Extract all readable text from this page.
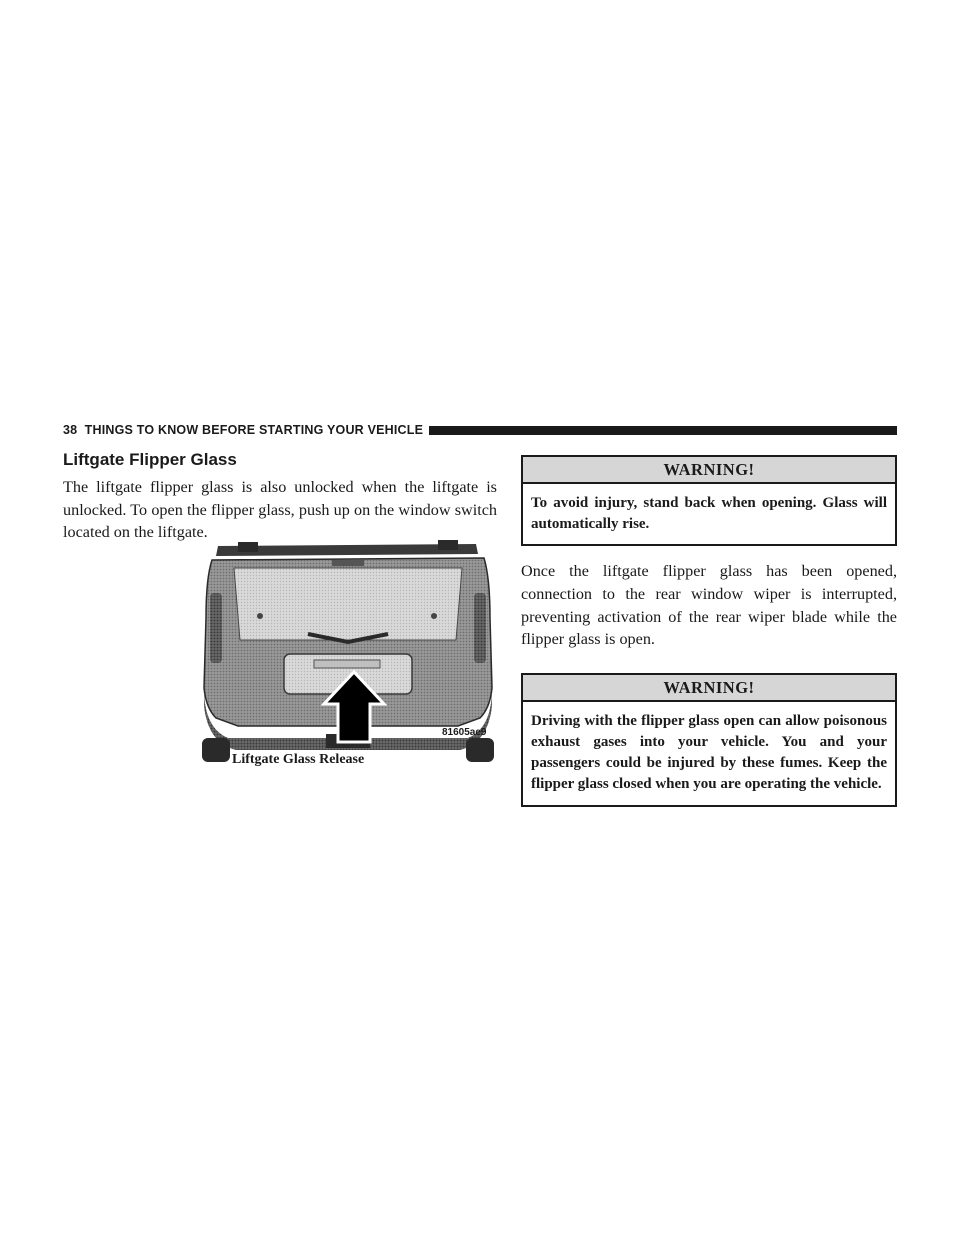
38 THINGS TO KNOW BEFORE STARTING YOUR VEHICLE
Liftgate Flipper Glass

The liftgate flipper glass is also unlocked when the liftgate is unlocked. To open the flipper glass, push up on the window switch located on the liftgate.

81605ae9
Liftgate Glass Release
WARNING!
To avoid injury, stand back when opening. Glass will automatically rise.

Once the liftgate flipper glass has been opened, connection to the rear window wiper is interrupted, preventing activation of the rear wiper blade while the flipper glass is open.

WARNING!
Driving with the flipper glass open can allow poisonous exhaust gases into your vehicle. You and your passengers could be injured by these fumes. Keep the flipper glass closed when you are operating the vehicle.
